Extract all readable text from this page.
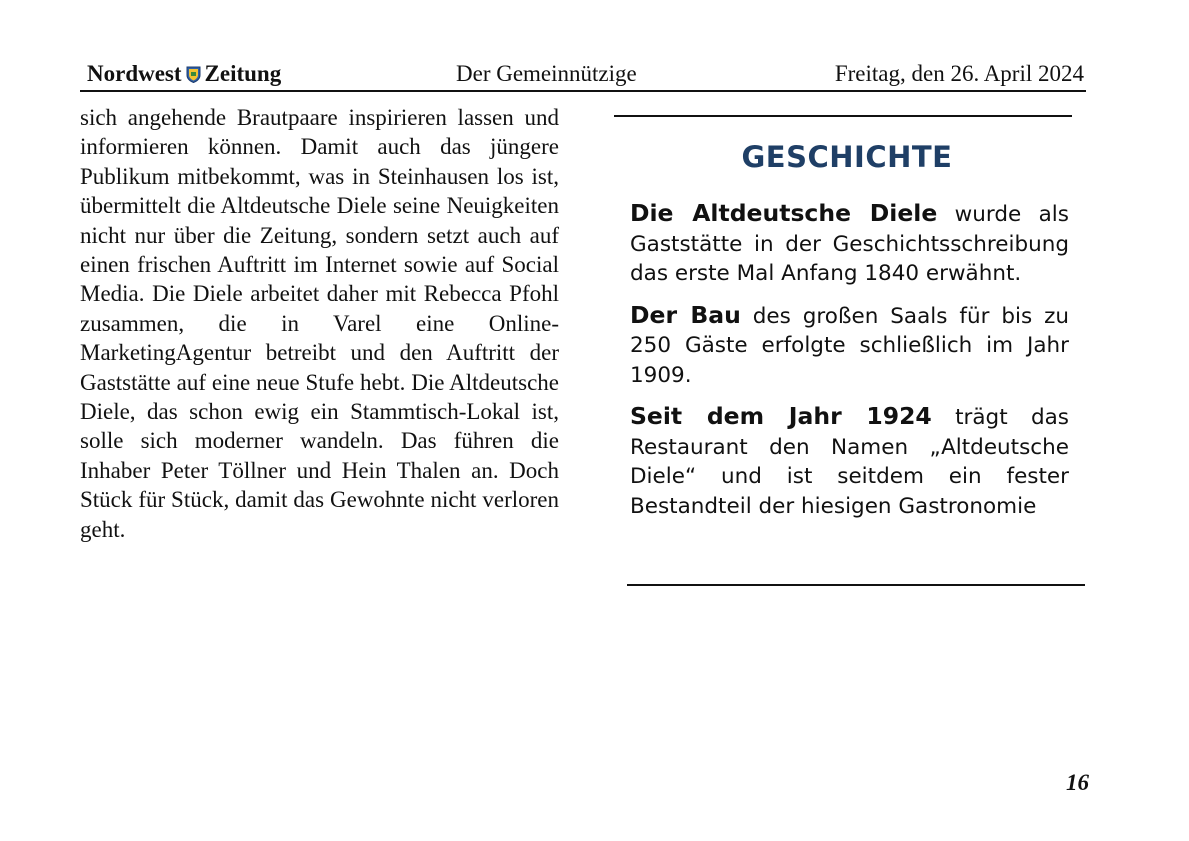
Nordwest Zeitung	Der Gemeinnützige	Freitag, den 26. April 2024

sich angehende Brautpaare inspirieren lassen und informieren können. Damit auch das jüngere Publikum mitbekommt, was in Steinhausen los ist, übermittelt die Altdeutsche Diele seine Neuigkeiten nicht nur über die Zeitung, sondern setzt auch auf einen frischen Auftritt im Internet sowie auf Social Media. Die Diele arbeitet daher mit Rebecca Pfohl zusammen, die in Varel eine Online-MarketingAgentur betreibt und den Auftritt der Gaststätte auf eine neue Stufe hebt. Die Altdeutsche Diele, das schon ewig ein Stammtisch-Lokal ist, solle sich moderner wandeln. Das führen die Inhaber Peter Töllner und Hein Thalen an. Doch Stück für Stück, damit das Gewohnte nicht verloren geht.

GESCHICHTE

Die Altdeutsche Diele wurde als Gaststätte in der Geschichtsschreibung das erste Mal Anfang 1840 erwähnt.

Der Bau des großen Saals für bis zu 250 Gäste erfolgte schließlich im Jahr 1909.

Seit dem Jahr 1924 trägt das Restaurant den Namen „Altdeutsche Diele“ und ist seitdem ein fester Bestandteil der hiesigen Gastronomie

16
